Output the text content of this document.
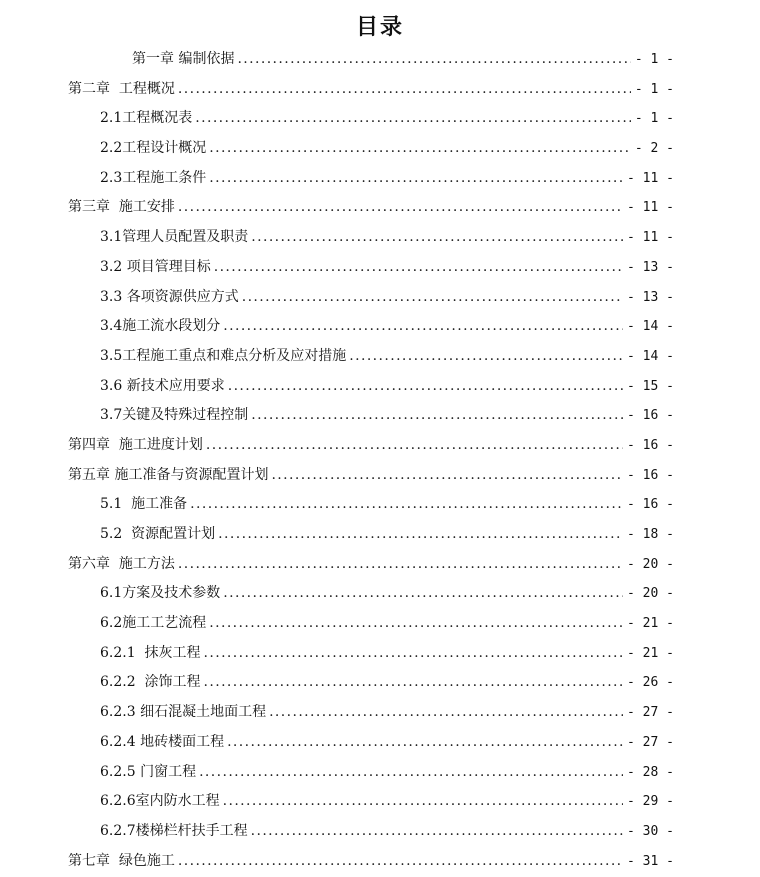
目录
第一章 编制依据 .....	- 1 -
第二章  工程概况 .....	- 1 -
2.1工程概况表 .....	- 1 -
2.2工程设计概况 .....	- 2 -
2.3工程施工条件 .....	- 11 -
第三章  施工安排 .....	- 11 -
3.1管理人员配置及职责 .....	- 11 -
3.2 项目管理目标 .....	- 13 -
3.3 各项资源供应方式 .....	- 13 -
3.4施工流水段划分 .....	- 14 -
3.5工程施工重点和难点分析及应对措施 .....	- 14 -
3.6 新技术应用要求 .....	- 15 -
3.7关键及特殊过程控制 .....	- 16 -
第四章  施工进度计划 .....	- 16 -
第五章 施工准备与资源配置计划 .....	- 16 -
5.1  施工准备 .....	- 16 -
5.2  资源配置计划 .....	- 18 -
第六章  施工方法 .....	- 20 -
6.1方案及技术参数 .....	- 20 -
6.2施工工艺流程 .....	- 21 -
6.2.1  抹灰工程 .....	- 21 -
6.2.2  涂饰工程 .....	- 26 -
6.2.3 细石混凝土地面工程 .....	- 27 -
6.2.4 地砖楼面工程 .....	- 27 -
6.2.5 门窗工程 .....	- 28 -
6.2.6室内防水工程 .....	- 29 -
6.2.7楼梯栏杆扶手工程 .....	- 30 -
第七章  绿色施工 .....	- 31 -
